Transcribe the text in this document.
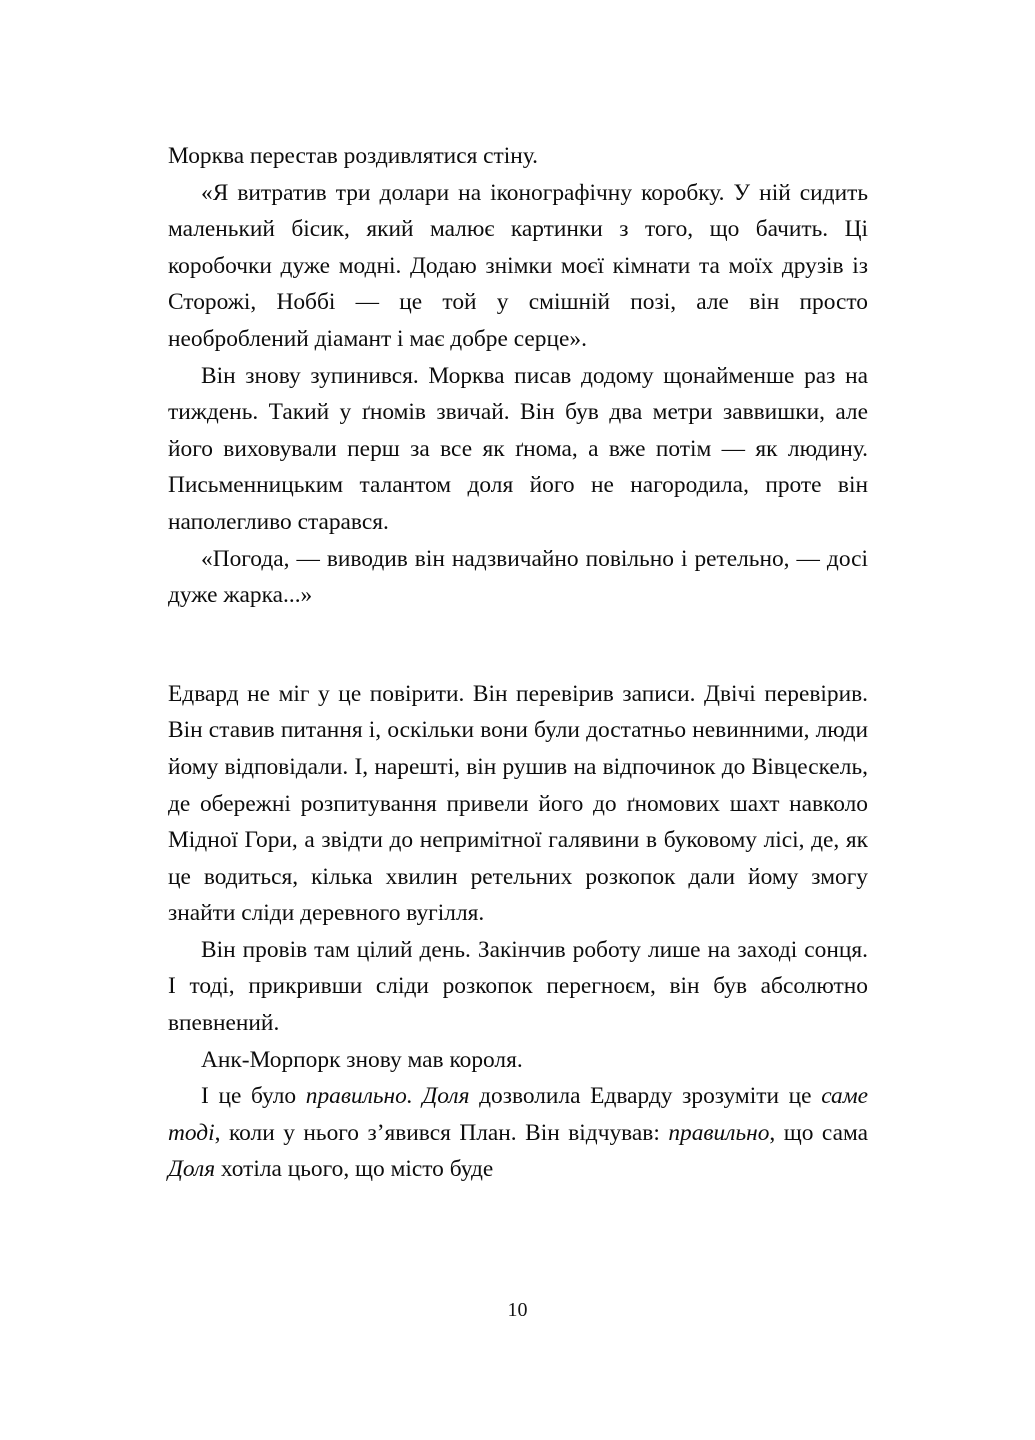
Морква перестав роздивлятися стіну.

«Я витратив три долари на іконографічну коробку. У ній сидить маленький бісик, який малює картинки з того, що бачить. Ці коробочки дуже модні. Додаю знімки моєї кімнати та моїх друзів із Сторожі, Ноббі — це той у смішній позі, але він просто необроблений діамант і має добре серце».

Він знову зупинився. Морква писав додому щонайменше раз на тиждень. Такий у ґномів звичай. Він був два метри заввишки, але його виховували перш за все як ґнома, а вже потім — як людину. Письменницьким талантом доля його не нагородила, проте він наполегливо старався.

«Погода, — виводив він надзвичайно повільно і ретельно, — досі дуже жарка...»

Едвард не міг у це повірити. Він перевірив записи. Двічі перевірив. Він ставив питання і, оскільки вони були достатньо невинними, люди йому відповідали. І, нарешті, він рушив на відпочинок до Вівцескель, де обережні розпитування привели його до ґномових шахт навколо Мідної Гори, а звідти до непримітної галявини в буковому лісі, де, як це водиться, кілька хвилин ретельних розкопок дали йому змогу знайти сліди деревного вугілля.

Він провів там цілий день. Закінчив роботу лише на заході сонця. І тоді, прикривши сліди розкопок перегноєм, він був абсолютно впевнений.

Анк-Морпорк знову мав короля.

І це було правильно. Доля дозволила Едварду зрозуміти це саме тоді, коли у нього з’явився План. Він відчував: правильно, що сама Доля хотіла цього, що місто буде

10
